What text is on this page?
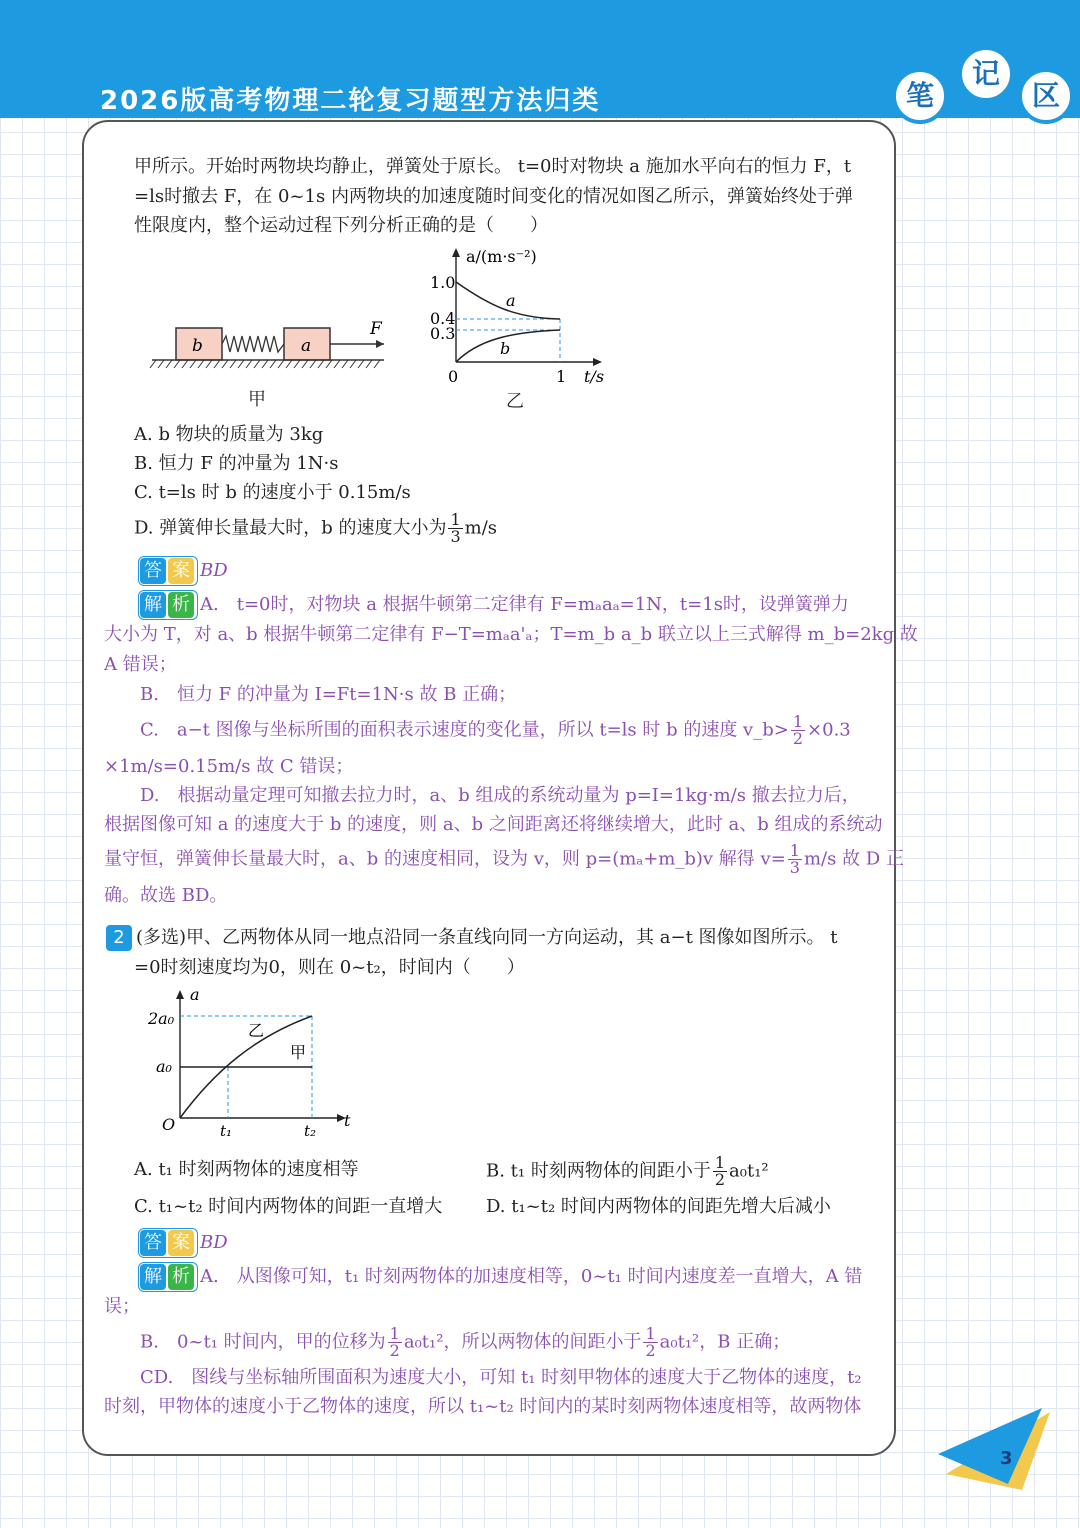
2026版高考物理二轮复习题型方法归类	笔
记
区
甲所示。开始时两物块均静止，弹簧处于原长。 t=0时对物块 a 施加水平向右的恒力 F，t
=ls时撤去 F，在 0~1s 内两物块的加速度随时间变化的情况如图乙所示，弹簧始终处于弹
性限度内，整个运动过程下列分析正确的是（　　）
b	a
F
甲
1.0
0.4
0.3
0	1 t/s
a/(m·s⁻²)
a
b
乙
A. b 物块的质量为 3kg
B. 恒力 F 的冲量为 1N·s
C. t=ls 时 b 的速度小于 0.15m/s
D. 弹簧伸长量最大时，b 的速度大小为 $\frac{1}{3} m/s$
答 案 BD
解 析 A.　t=0时，对物块 a 根据牛顿第二定律有 F=mₐaₐ=1N，t=1s时，设弹簧弹力
大小为 T，对 a、b 根据牛顿第二定律有 F−T=mₐa'ₐ；T=m_b a_b 联立以上三式解得 m_b=2kg 故
A 错误；
B.　恒力 F 的冲量为 I=Ft=1N·s 故 B 正确；
C.　a−t 图像与坐标所围的面积表示速度的变化量，所以 t=ls 时 b 的速度 v_b> $\frac{1}{2} \times 0.3$
×1m/s=0.15m/s 故 C 错误；
D.　根据动量定理可知撤去拉力时，a、b 组成的系统动量为 p=I=1kg·m/s 撤去拉力后，
根据图像可知 a 的速度大于 b 的速度，则 a、b 之间距离还将继续增大，此时 a、b 组成的系统动
量守恒，弹簧伸长量最大时，a、b 的速度相同，设为 v，则 p=(mₐ+m_b)v 解得 $v= \frac{1}{3} m/s$ 故 D 正
确。故选 BD。
2 (多选)甲、乙两物体从同一地点沿同一条直线向同一方向运动，其 a−t 图像如图所示。 t
=0时刻速度均为0，则在 0~t₂，时间内（　　）
2a₀
a₀
O	t₁	t₂
t
a
乙
甲
A. t₁ 时刻两物体的速度相等	B. t₁ 时刻两物体的间距小于 $\frac{1}{2} a_0t_1^2$
C. t₁~t₂ 时间内两物体的间距一直增大 D. t₁~t₂ 时间内两物体的间距先增大后减小
答 案 BD
解 析 A.　从图像可知，t₁ 时刻两物体的加速度相等，0~t₁ 时间内速度差一直增大，A 错
误；
B.　0~t₁ 时间内，甲的位移为 $\frac{1}{2} a_0t_1^2$，所以两物体的间距小于 $\frac{1}{2} a_0t_1^2$，B 正确；
CD.　图线与坐标轴所围面积为速度大小，可知 t₁ 时刻甲物体的速度大于乙物体的速度，t₂
时刻，甲物体的速度小于乙物体的速度，所以 t₁~t₂ 时间内的某时刻两物体速度相等，故两物体
3
